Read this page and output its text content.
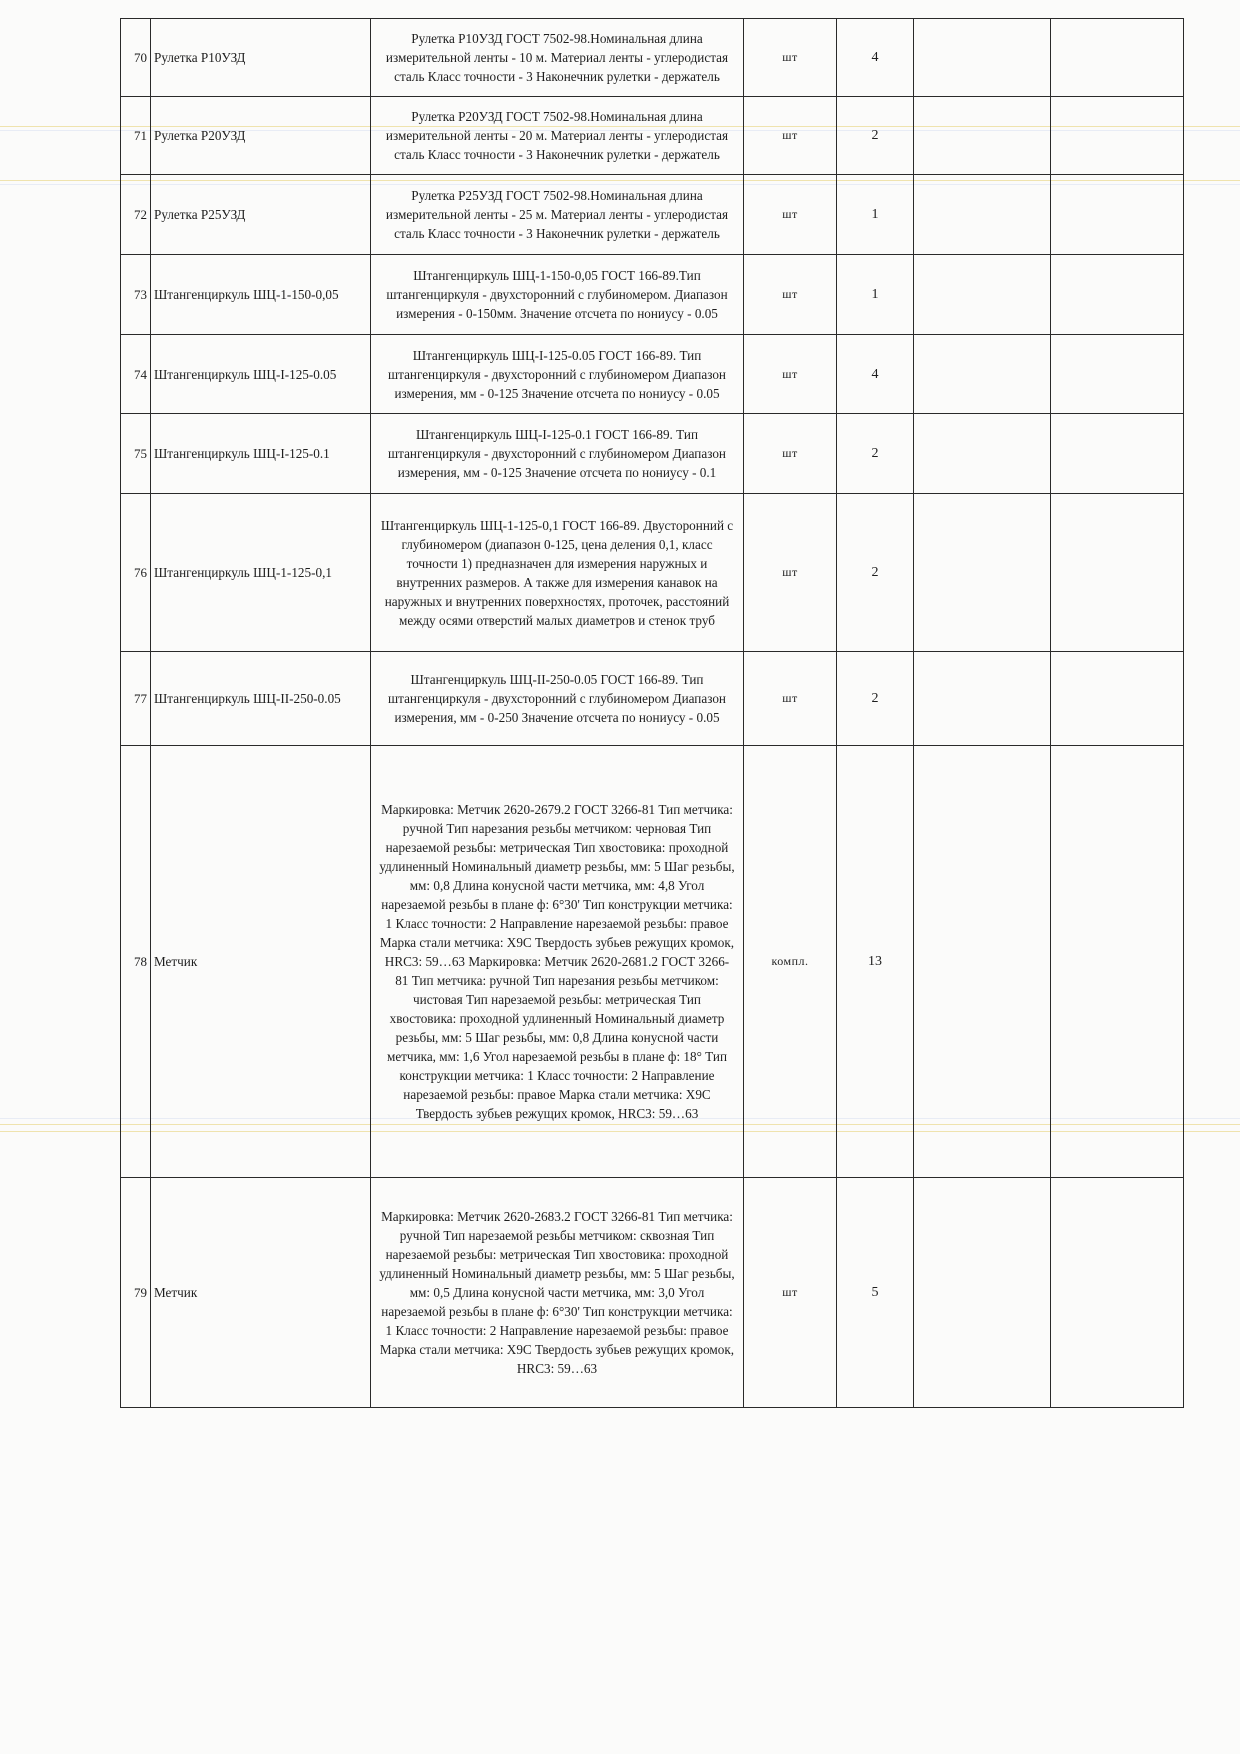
70	Рулетка Р10УЗД	Рулетка Р10УЗД ГОСТ 7502-98.Номинальная длина измерительной ленты - 10 м. Материал ленты - углеродистая сталь Класс точности - 3 Наконечник рулетки - держатель	шт	4		
71	Рулетка Р20УЗД	Рулетка Р20УЗД ГОСТ 7502-98.Номинальная длина измерительной ленты - 20 м. Материал ленты - углеродистая сталь Класс точности - 3 Наконечник рулетки - держатель	шт	2		
72	Рулетка Р25УЗД	Рулетка Р25УЗД ГОСТ 7502-98.Номинальная длина измерительной ленты - 25 м. Материал ленты - углеродистая сталь Класс точности - 3 Наконечник рулетки - держатель	шт	1		
73	Штангенциркуль ШЦ-1-150-0,05	Штангенциркуль ШЦ-1-150-0,05 ГОСТ 166-89.Тип штангенциркуля - двухсторонний с глубиномером. Диапазон измерения - 0-150мм. Значение отсчета по нониусу - 0.05	шт	1		
74	Штангенциркуль ШЦ-I-125-0.05	Штангенциркуль ШЦ-I-125-0.05 ГОСТ 166-89. Тип штангенциркуля - двухсторонний с глубиномером Диапазон измерения, мм - 0-125 Значение отсчета по нониусу - 0.05	шт	4		
75	Штангенциркуль ШЦ-I-125-0.1	Штангенциркуль ШЦ-I-125-0.1 ГОСТ 166-89. Тип штангенциркуля - двухсторонний с глубиномером Диапазон измерения, мм - 0-125 Значение отсчета по нониусу - 0.1	шт	2		
76	Штангенциркуль ШЦ-1-125-0,1	Штангенциркуль ШЦ-1-125-0,1 ГОСТ 166-89. Двусторонний с глубиномером (диапазон 0-125, цена деления 0,1, класс точности 1) предназначен для измерения наружных и внутренних размеров. А также для измерения канавок на наружных и внутренних поверхностях, проточек, расстояний между осями отверстий малых диаметров и стенок труб	шт	2		
77	Штангенциркуль ШЦ-II-250-0.05	Штангенциркуль ШЦ-II-250-0.05 ГОСТ 166-89. Тип штангенциркуля - двухсторонний с глубиномером Диапазон измерения, мм - 0-250 Значение отсчета по нониусу - 0.05	шт	2		
78	Метчик	Маркировка: Метчик 2620-2679.2 ГОСТ 3266-81 Тип метчика: ручной Тип нарезания резьбы метчиком: черновая Тип нарезаемой резьбы: метрическая Тип хвостовика: проходной удлиненный Номинальный диаметр резьбы, мм: 5 Шаг резьбы, мм: 0,8 Длина конусной части метчика, мм: 4,8 Угол нарезаемой резьбы в плане ф: 6°30' Тип конструкции метчика: 1 Класс точности: 2 Направление нарезаемой резьбы: правое Марка стали метчика: Х9С Твердость зубьев режущих кромок, HRC3: 59…63 Маркировка: Метчик 2620-2681.2 ГОСТ 3266-81 Тип метчика: ручной Тип нарезания резьбы метчиком: чистовая Тип нарезаемой резьбы: метрическая Тип хвостовика: проходной удлиненный Номинальный диаметр резьбы, мм: 5 Шаг резьбы, мм: 0,8 Длина конусной части метчика, мм: 1,6 Угол нарезаемой резьбы в плане ф: 18° Тип конструкции метчика: 1 Класс точности: 2 Направление нарезаемой резьбы: правое Марка стали метчика: Х9С Твердость зубьев режущих кромок, HRC3: 59…63	компл.	13		
79	Метчик	Маркировка: Метчик 2620-2683.2 ГОСТ 3266-81 Тип метчика: ручной Тип нарезаемой резьбы метчиком: сквозная Тип нарезаемой резьбы: метрическая Тип хвостовика: проходной удлиненный Номинальный диаметр резьбы, мм: 5 Шаг резьбы, мм: 0,5 Длина конусной части метчика, мм: 3,0 Угол нарезаемой резьбы в плане ф: 6°30' Тип конструкции метчика: 1 Класс точности: 2 Направление нарезаемой резьбы: правое Марка стали метчика: Х9С Твердость зубьев режущих кромок, HRC3: 59…63	шт	5		
